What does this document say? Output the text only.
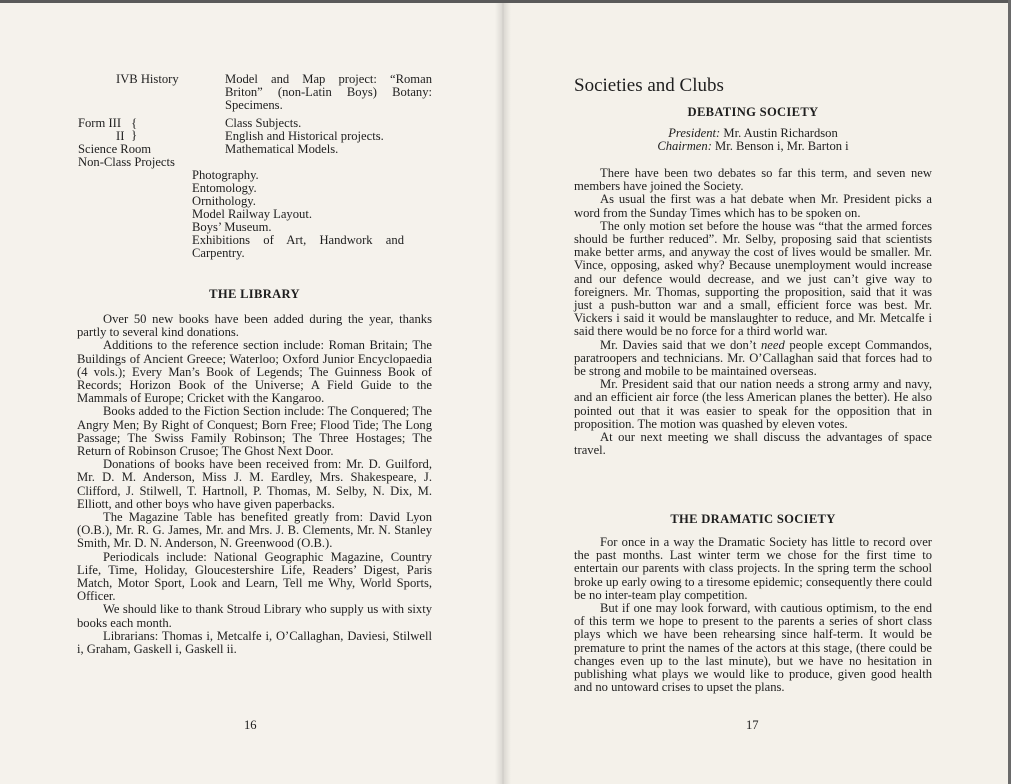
IVB History	Model and Map project: “Roman
Briton” (non-Latin Boys) Botany:
Specimens.
Form III {	Class Subjects.
II }	English and Historical projects.
Science Room	Mathematical Models.
Non-Class Projects
Photography.
Entomology.
Ornithology.
Model Railway Layout.
Boys’ Museum.
Exhibitions of Art, Handwork and
Carpentry.
THE LIBRARY

Over 50 new books have been added during the year, thanks partly to several kind donations.

Additions to the reference section include: Roman Britain; The Buildings of Ancient Greece; Waterloo; Oxford Junior Encyclopaedia (4 vols.); Every Man’s Book of Legends; The Guinness Book of Records; Horizon Book of the Universe; A Field Guide to the Mammals of Europe; Cricket with the Kangaroo.

Books added to the Fiction Section include: The Conquered; The Angry Men; By Right of Conquest; Born Free; Flood Tide; The Long Passage; The Swiss Family Robinson; The Three Hostages; The Return of Robinson Crusoe; The Ghost Next Door.

Donations of books have been received from: Mr. D. Guilford, Mr. D. M. Anderson, Miss J. M. Eardley, Mrs. Shakespeare, J. Clifford, J. Stilwell, T. Hartnoll, P. Thomas, M. Selby, N. Dix, M. Elliott, and other boys who have given paperbacks.

The Magazine Table has benefited greatly from: David Lyon (O.B.), Mr. R. G. James, Mr. and Mrs. J. B. Clements, Mr. N. Stanley Smith, Mr. D. N. Anderson, N. Greenwood (O.B.).

Periodicals include: National Geographic Magazine, Country Life, Time, Holiday, Gloucestershire Life, Readers’ Digest, Paris Match, Motor Sport, Look and Learn, Tell me Why, World Sports, Officer.

We should like to thank Stroud Library who supply us with sixty books each month.

Librarians: Thomas i, Metcalfe i, O’Callaghan, Daviesi, Stilwell i, Graham, Gaskell i, Gaskell ii.

16
Societies and Clubs
DEBATING SOCIETY
President: Mr. Austin Richardson
Chairmen: Mr. Benson i, Mr. Barton i

There have been two debates so far this term, and seven new members have joined the Society.

As usual the first was a hat debate when Mr. President picks a word from the Sunday Times which has to be spoken on.

The only motion set before the house was “that the armed forces should be further reduced”. Mr. Selby, proposing said that scientists make better arms, and anyway the cost of lives would be smaller. Mr. Vince, opposing, asked why? Because unemployment would increase and our defence would decrease, and we just can’t give way to foreigners. Mr. Thomas, supporting the proposition, said that it was just a push-button war and a small, efficient force was best. Mr. Vickers i said it would be manslaughter to reduce, and Mr. Metcalfe i said there would be no force for a third world war.

Mr. Davies said that we don’t need people except Commandos, paratroopers and technicians. Mr. O’Callaghan said that forces had to be strong and mobile to be maintained overseas.

Mr. President said that our nation needs a strong army and navy, and an efficient air force (the less American planes the better). He also pointed out that it was easier to speak for the opposition that in proposition. The motion was quashed by eleven votes.

At our next meeting we shall discuss the advantages of space travel.

THE DRAMATIC SOCIETY

For once in a way the Dramatic Society has little to record over the past months. Last winter term we chose for the first time to entertain our parents with class projects. In the spring term the school broke up early owing to a tiresome epidemic; consequently there could be no inter-team play competition.

But if one may look forward, with cautious optimism, to the end of this term we hope to present to the parents a series of short class plays which we have been rehearsing since half-term. It would be premature to print the names of the actors at this stage, (there could be changes even up to the last minute), but we have no hesitation in publishing what plays we would like to produce, given good health and no untoward crises to upset the plans.

17
